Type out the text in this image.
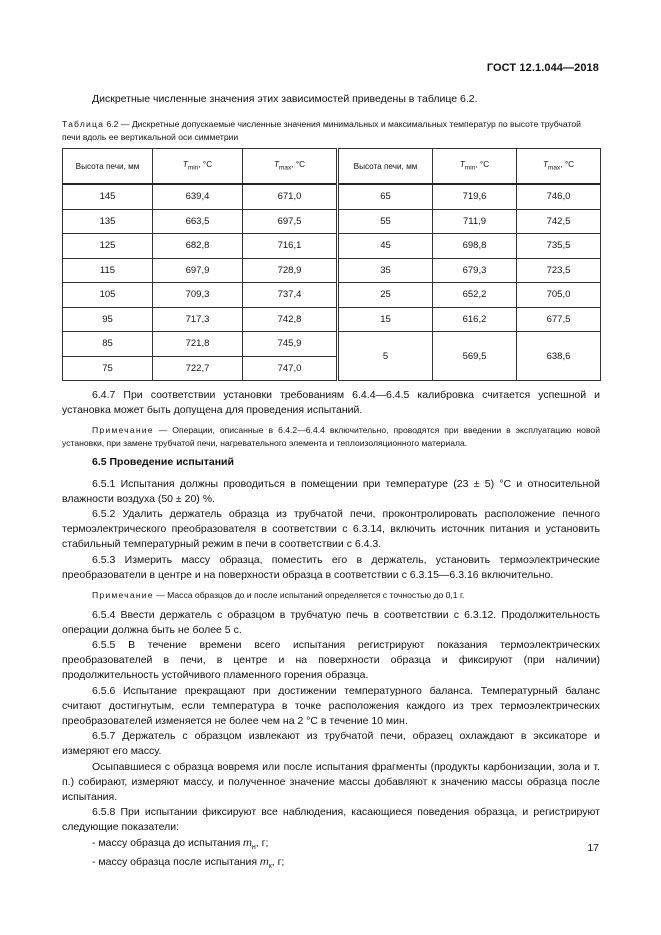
ГОСТ 12.1.044—2018
Дискретные численные значения этих зависимостей приведены в таблице 6.2.
Таблица 6.2 — Дискретные допускаемые численные значения минимальных и максимальных температур по высоте трубчатой печи вдоль ее вертикальной оси симметрии
Высота печи, мм	$T_{min}$, °C	$T_{max}$, °C	Высота печи, мм	$T_{min}$, °C	$T_{max}$, °C
145	639,4	671,0	65	719,6	746,0
135	663,5	697,5	55	711,9	742,5
125	682,8	716,1	45	698,8	735,5
115	697,9	728,9	35	679,3	723,5
105	709,3	737,4	25	652,2	705,0
95	717,3	742,8	15	616,2	677,5
85	721,8	745,9	5	569,5	638,6
75	722,7	747,0			

6.4.7 При соответствии установки требованиям 6.4.4—6.4.5 калибровка считается успешной и установка может быть допущена для проведения испытаний.

Примечание — Операции, описанные в 6.4.2—6.4.4 включительно, проводятся при введении в эксплуатацию новой установки, при замене трубчатой печи, нагревательного элемента и теплоизоляционного материала.

6.5 Проведение испытаний

6.5.1 Испытания должны проводиться в помещении при температуре (23 ± 5) °С и относительной влажности воздуха (50 ± 20) %.

6.5.2 Удалить держатель образца из трубчатой печи, проконтролировать расположение печного термоэлектрического преобразователя в соответствии с 6.3.14, включить источник питания и установить стабильный температурный режим в печи в соответствии с 6.4.3.

6.5.3 Измерить массу образца, поместить его в держатель, установить термоэлектрические преобразователи в центре и на поверхности образца в соответствии с 6.3.15—6.3.16 включительно.

Примечание — Масса образцов до и после испытаний определяется с точностью до 0,1 г.

6.5.4 Ввести держатель с образцом в трубчатую печь в соответствии с 6.3.12. Продолжительность операции должна быть не более 5 с.

6.5.5 В течение времени всего испытания регистрируют показания термоэлектрических преобразователей в печи, в центре и на поверхности образца и фиксируют (при наличии) продолжительность устойчивого пламенного горения образца.

6.5.6 Испытание прекращают при достижении температурного баланса. Температурный баланс считают достигнутым, если температура в точке расположения каждого из трех термоэлектрических преобразователей изменяется не более чем на 2 °С в течение 10 мин.

6.5.7 Держатель с образцом извлекают из трубчатой печи, образец охлаждают в эксикаторе и измеряют его массу.

Осыпавшиеся с образца вовремя или после испытания фрагменты (продукты карбонизации, зола и т. п.) собирают, измеряют массу, и полученное значение массы добавляют к значению массы образца после испытания.

6.5.8 При испытании фиксируют все наблюдения, касающиеся поведения образца, и регистрируют следующие показатели:

- массу образца до испытания $m_н$, г;

- массу образца после испытания $m_к$, г;

17
